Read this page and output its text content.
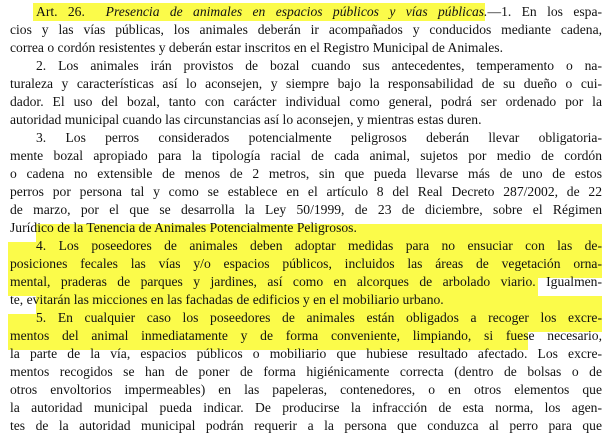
Art. 26. Presencia de animales en espacios públicos y vías públicas.—1. En los espa-
cios y las vías públicas, los animales deberán ir acompañados y conducidos mediante cadena,
correa o cordón resistentes y deberán estar inscritos en el Registro Municipal de Animales.
2. Los animales irán provistos de bozal cuando sus antecedentes, temperamento o na-
turaleza y características así lo aconsejen, y siempre bajo la responsabilidad de su dueño o cui-
dador. El uso del bozal, tanto con carácter individual como general, podrá ser ordenado por la
autoridad municipal cuando las circunstancias así lo aconsejen, y mientras estas duren.
3. Los perros considerados potencialmente peligrosos deberán llevar obligatoria-
mente bozal apropiado para la tipología racial de cada animal, sujetos por medio de cordón
o cadena no extensible de menos de 2 metros, sin que pueda llevarse más de uno de estos
perros por persona tal y como se establece en el artículo 8 del Real Decreto 287/2002, de 22
de marzo, por el que se desarrolla la Ley 50/1999, de 23 de diciembre, sobre el Régimen
Jurídico de la Tenencia de Animales Potencialmente Peligrosos.
4. Los poseedores de animales deben adoptar medidas para no ensuciar con las de-
posiciones fecales las vías y/o espacios públicos, incluidos las áreas de vegetación orna-
mental, praderas de parques y jardines, así como en alcorques de arbolado viario. Igualmen-
te, evitarán las micciones en las fachadas de edificios y en el mobiliario urbano.
5. En cualquier caso los poseedores de animales están obligados a recoger los excre-
mentos del animal inmediatamente y de forma conveniente, limpiando, si fuese necesario,
la parte de la vía, espacios públicos o mobiliario que hubiese resultado afectado. Los excre-
mentos recogidos se han de poner de forma higiénicamente correcta (dentro de bolsas o de
otros envoltorios impermeables) en las papeleras, contenedores, o en otros elementos que
la autoridad municipal pueda indicar. De producirse la infracción de esta norma, los agen-
tes de la autoridad municipal podrán requerir a la persona que conduzca al perro para que
